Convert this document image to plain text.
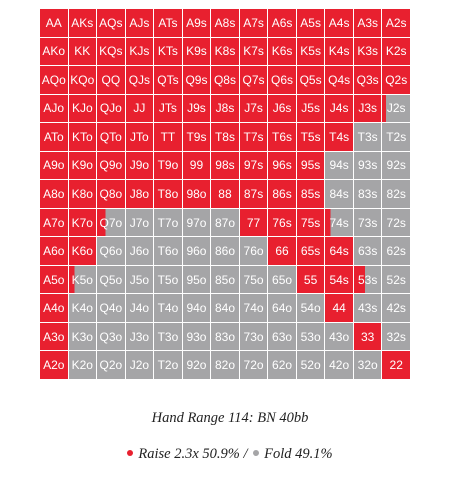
AA AKs AQs AJs ATs A9s A8s A7s A6s A5s A4s A3s A2s
AKo KK KQs KJs KTs K9s K8s K7s K6s K5s K4s K3s K2s
AQo KQo QQ QJs QTs Q9s Q8s Q7s Q6s Q5s Q4s Q3s Q2s
AJo KJo QJo JJ	JTs J9s J8s J7s J6s J5s J4s J3s J2s
ATo KTo QTo JTo TT T9s T8s T7s T6s T5s T4s T3s T2s
A9o K9o Q9o J9o T9o 99	98s 97s 96s 95s 94s 93s 92s
A8o K8o Q8o J8o T8o 98o 88	87s 86s 85s 84s 83s 82s
A7o K7o Q7o J7o T7o 97o 87o 77	76s 75s 74s 73s 72s
A6o K6o Q6o J6o T6o 96o 86o 76o 66	65s 64s 63s 62s
A5o K5o Q5o J5o T5o 95o 85o 75o 65o 55	54s 53s 52s
A4o K4o Q4o J4o T4o 94o 84o 74o 64o 54o 44	43s 42s
A3o K3o Q3o J3o T3o 93o 83o 73o 63o 53o 43o 33	32s
A2o K2o Q2o J2o T2o 92o 82o 72o 62o 52o 42o 32o 22
Hand Range 114: BN 40bb
Raise 2.3x 50.9% / Fold 49.1%
